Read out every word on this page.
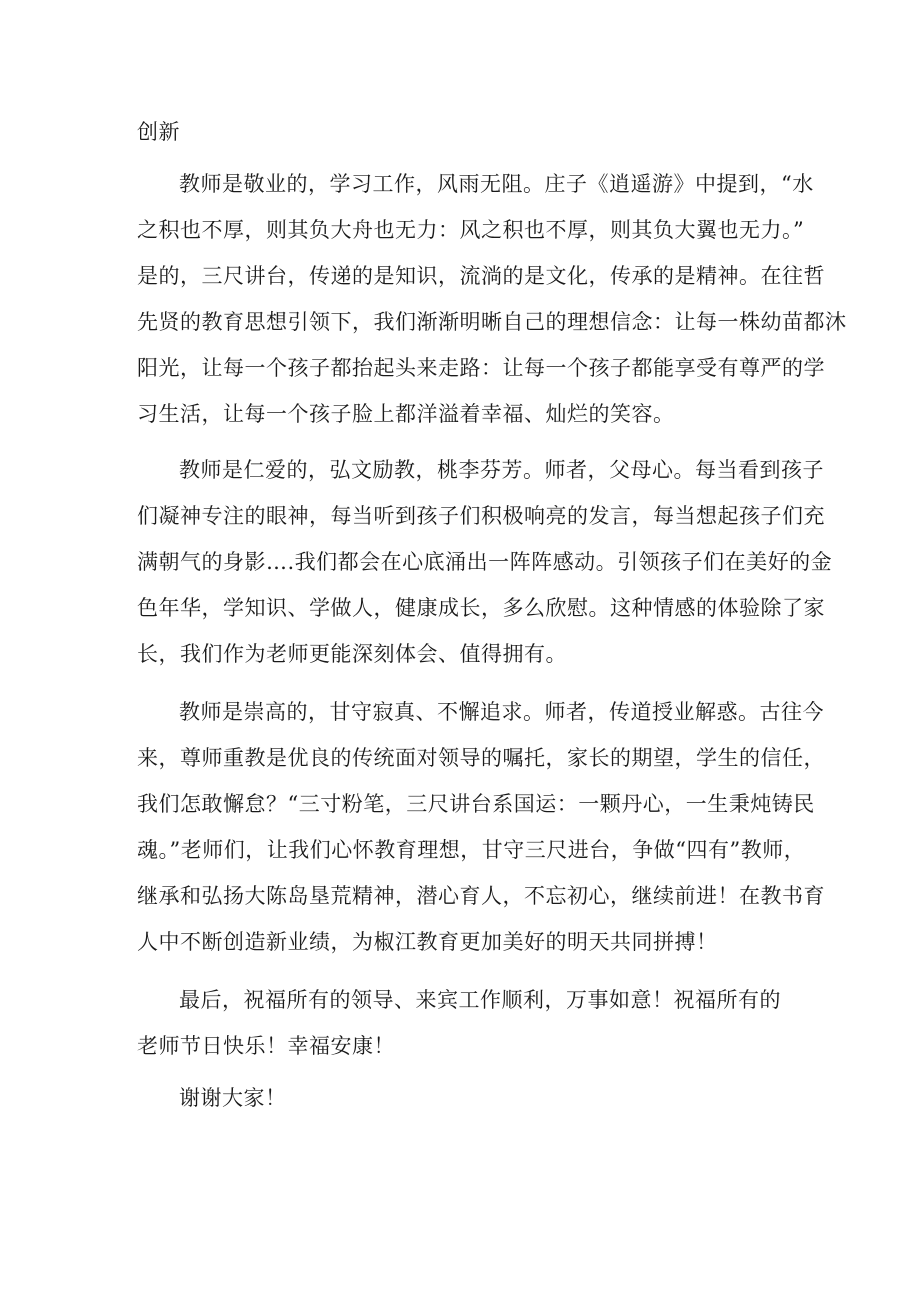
创新
教师是敬业的，学习工作，风雨无阻。庄子《逍遥游》中提到，“水
之积也不厚，则其负大舟也无力：风之积也不厚，则其负大翼也无力。”
是的，三尺讲台，传递的是知识，流淌的是文化，传承的是精神。在往哲
先贤的教育思想引领下，我们渐渐明晰自己的理想信念：让每一株幼苗都沐
阳光，让每一个孩子都抬起头来走路：让每一个孩子都能享受有尊严的学
习生活，让每一个孩子脸上都洋溢着幸福、灿烂的笑容。
教师是仁爱的，弘文励教，桃李芬芳。师者，父母心。每当看到孩子
们凝神专注的眼神，每当听到孩子们积极响亮的发言，每当想起孩子们充
满朝气的身影….我们都会在心底涌出一阵阵感动。引领孩子们在美好的金
色年华，学知识、学做人，健康成长，多么欣慰。这种情感的体验除了家
长，我们作为老师更能深刻体会、值得拥有。
教师是崇高的，甘守寂真、不懈追求。师者，传道授业解惑。古往今
来，尊师重教是优良的传统面对领导的嘱托，家长的期望，学生的信任，
我们怎敢懈怠？“三寸粉笔，三尺讲台系国运：一颗丹心，一生秉炖铸民
魂。”老师们，让我们心怀教育理想，甘守三尺进台，争做“四有”教师，
继承和弘扬大陈岛垦荒精神，潜心育人，不忘初心，继续前进！在教书育
人中不断创造新业绩，为椒江教育更加美好的明天共同拼搏！
最后，祝福所有的领导、来宾工作顺利，万事如意！祝福所有的
老师节日快乐！幸福安康！
谢谢大家！
